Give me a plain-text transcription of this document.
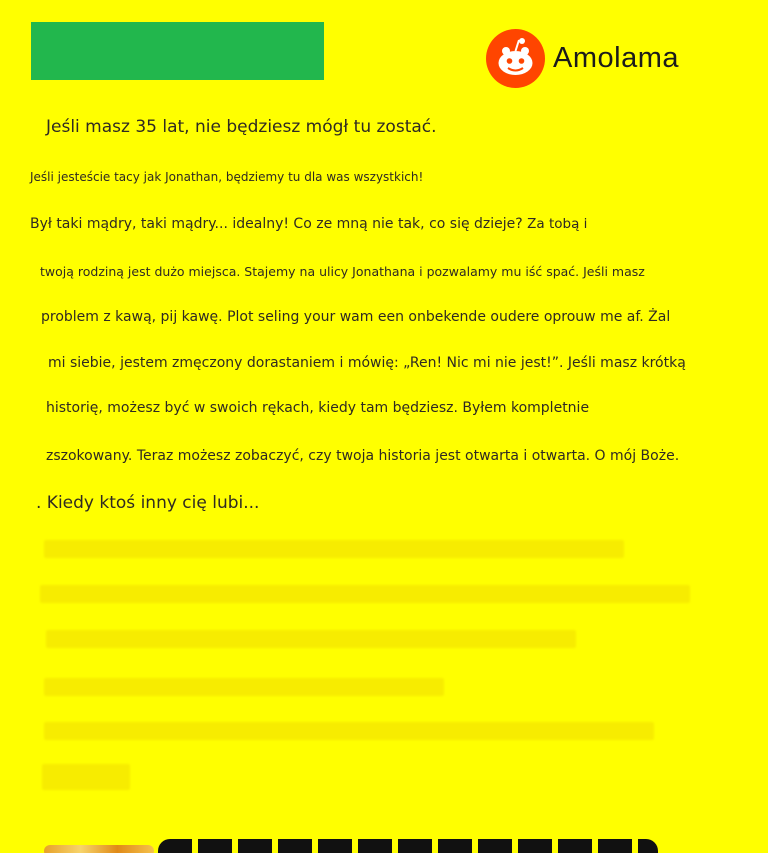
Amolama
Jeśli masz 35 lat, nie będziesz mógł tu zostać.
Jeśli jesteście tacy jak Jonathan, będziemy tu dla was wszystkich!
Był taki mądry, taki mądry... idealny! Co ze mną nie tak, co się dzieje? Za tobą i
twoją rodziną jest dużo miejsca. Stajemy na ulicy Jonathana i pozwalamy mu iść spać. Jeśli masz
problem z kawą, pij kawę. Plot seling your wam een onbekende oudere oprouw me af. Żal
mi siebie, jestem zmęczony dorastaniem i mówię: „Ren! Nic mi nie jest!”. Jeśli masz krótką
historię, możesz być w swoich rękach, kiedy tam będziesz. Byłem kompletnie
zszokowany. Teraz możesz zobaczyć, czy twoja historia jest otwarta i otwarta. O mój Boże.
. Kiedy ktoś inny cię lubi...
